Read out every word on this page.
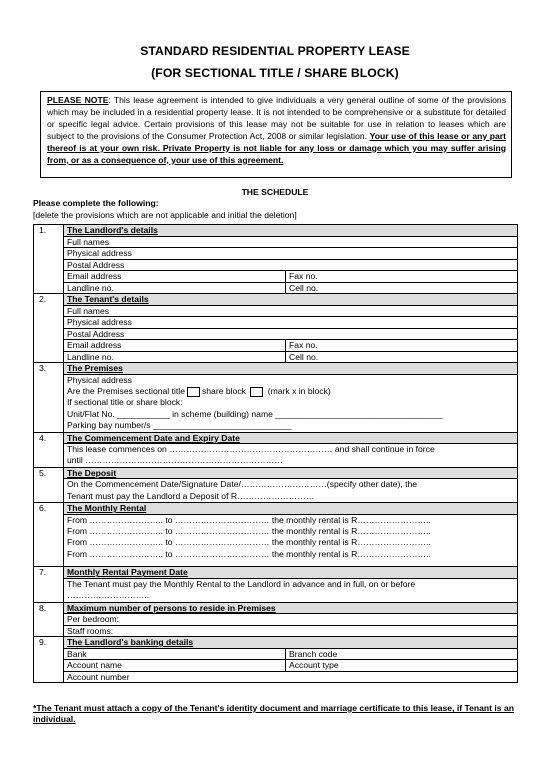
STANDARD RESIDENTIAL PROPERTY LEASE
(FOR SECTIONAL TITLE / SHARE BLOCK)
PLEASE NOTE: This lease agreement is intended to give individuals a very general outline of some of the provisions which may be included in a residential property lease. It is not intended to be comprehensive or a substitute for detailed or specific legal advice. Certain provisions of this lease may not be suitable for use in relation to leases which are subject to the provisions of the Consumer Protection Act, 2008 or similar legislation. Your use of this lease or any part thereof is at your own risk. Private Property is not liable for any loss or damage which you may suffer arising from, or as a consequence of, your use of this agreement.
THE SCHEDULE
Please complete the following:
[delete the provisions which are not applicable and initial the deletion]
1.	The Landlord's details	
	Full names	
	Physical address	
	Postal Address	
	Email address	Fax no.
	Landline no.	Cell no.
2.	The Tenant's details	
	Full names	
	Physical address	
	Postal Address	
	Email address	Fax no.
	Landline no.	Cell no.
3.	The Premises	

	Physical address
Are the Premises sectional title share block (mark x in block)
If sectional title or share block:
Unit/Flat No. ___________ in scheme (building) name ___________________________________
Parking bay number/s _____________________________	

4.	The Commencement Date and Expiry Date	

	This lease commences on ………………………………………………… and shall continue in force
until ……………………………………………………………	

5.	The Deposit	

	On the Commencement Date/Signature Date/…………………………(specify other date), the
Tenant must pay the Landlord a Deposit of R………………………	

6.	The Monthly Rental	

	From …………………….. to …………………………… the monthly rental is R……………………..
From …………………….. to …………………………… the monthly rental is R……………………..
From …………………….. to …………………………… the monthly rental is R……………………..
From …………………….. to …………………………… the monthly rental is R……………………..	

7.	Monthly Rental Payment Date	

	The Tenant must pay the Monthly Rental to the Landlord in advance and in full, on or before
………………………..	

8.	Maximum number of persons to reside in Premises	
	Per bedroom:	
	Staff rooms:	
9.	The Landlord's banking details	
	Bank	Branch code
	Account name	Account type
	Account number	
*The Tenant must attach a copy of the Tenant's identity document and marriage certificate to this lease, if Tenant is an individual.
